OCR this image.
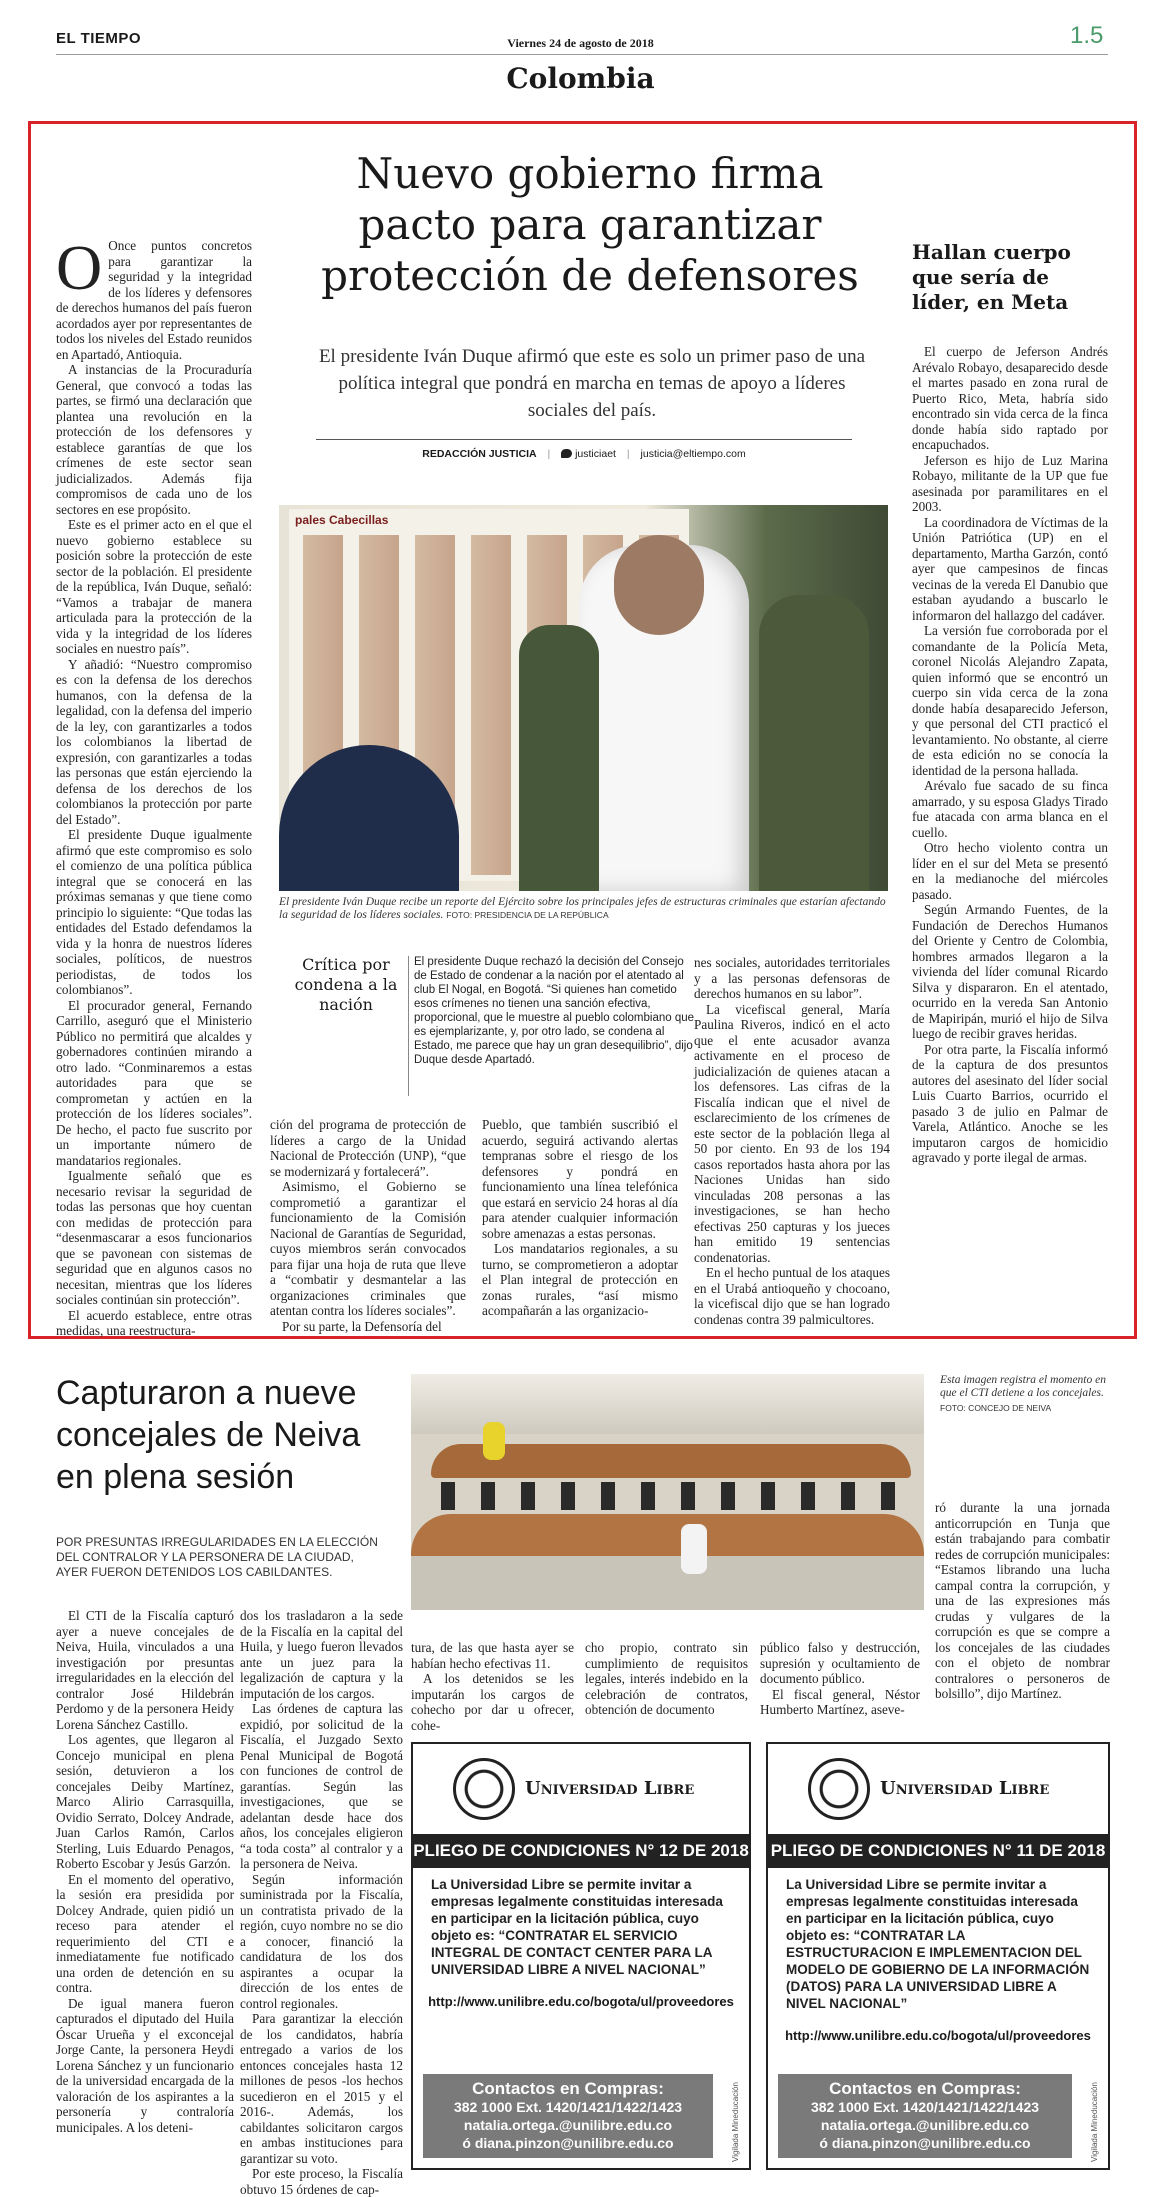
EL TIEMPO	Viernes 24 de agosto de 2018	1.5
Colombia
Nuevo gobierno firma
pacto para garantizar
protección de defensores
El presidente Iván Duque afirmó que este es solo un primer paso de una política integral que pondrá en marcha en temas de apoyo a líderes sociales del país.
REDACCIÓN JUSTICIA | justiciaet | justicia@eltiempo.com
pales Cabecillas
El presidente Iván Duque recibe un reporte del Ejército sobre los principales jefes de estructuras criminales que estarían afectando la seguridad de los líderes sociales. FOTO: PRESIDENCIA DE LA REPÚBLICA

O Once puntos concretos para garantizar la seguridad y la integridad de los líderes y defensores de derechos humanos del país fueron acordados ayer por representantes de todos los niveles del Estado reunidos en Apartadó, Antioquia.

A instancias de la Procuraduría General, que convocó a todas las partes, se firmó una declaración que plantea una revolución en la protección de los defensores y establece garantías de que los crímenes de este sector sean judicializados. Además fija compromisos de cada uno de los sectores en ese propósito.

Este es el primer acto en el que el nuevo gobierno establece su posición sobre la protección de este sector de la población. El presidente de la república, Iván Duque, señaló: “Vamos a trabajar de manera articulada para la protección de la vida y la integridad de los líderes sociales en nuestro país”.

Y añadió: “Nuestro compromiso es con la defensa de los derechos humanos, con la defensa de la legalidad, con la defensa del imperio de la ley, con garantizarles a todos los colombianos la libertad de expresión, con garantizarles a todas las personas que están ejerciendo la defensa de los derechos de los colombianos la protección por parte del Estado”.

El presidente Duque igualmente afirmó que este compromiso es solo el comienzo de una política pública integral que se conocerá en las próximas semanas y que tiene como principio lo siguiente: “Que todas las entidades del Estado defendamos la vida y la honra de nuestros líderes sociales, políticos, de nuestros periodistas, de todos los colombianos”.

El procurador general, Fernando Carrillo, aseguró que el Ministerio Público no permitirá que alcaldes y gobernadores continúen mirando a otro lado. “Conminaremos a estas autoridades para que se comprometan y actúen en la protección de los líderes sociales”. De hecho, el pacto fue suscrito por un importante número de mandatarios regionales.

Igualmente señaló que es necesario revisar la seguridad de todas las personas que hoy cuentan con medidas de protección para “desenmascarar a esos funcionarios que se pavonean con sistemas de seguridad que en algunos casos no necesitan, mientras que los líderes sociales continúan sin protección”.

El acuerdo establece, entre otras medidas, una reestructura-

Crítica por condena a la nación
El presidente Duque rechazó la decisión del Consejo de Estado de condenar a la nación por el atentado al club El Nogal, en Bogotá. “Si quienes han cometido esos crímenes no tienen una sanción efectiva, proporcional, que le muestre al pueblo colombiano que es ejemplarizante, y, por otro lado, se condena al Estado, me parece que hay un gran desequilibrio”, dijo Duque desde Apartadó.

ción del programa de protección de líderes a cargo de la Unidad Nacional de Protección (UNP), “que se modernizará y fortalecerá”.

Asimismo, el Gobierno se comprometió a garantizar el funcionamiento de la Comisión Nacional de Garantías de Seguridad, cuyos miembros serán convocados para fijar una hoja de ruta que lleve a “combatir y desmantelar a las organizaciones criminales que atentan contra los líderes sociales”.

Por su parte, la Defensoría del

Pueblo, que también suscribió el acuerdo, seguirá activando alertas tempranas sobre el riesgo de los defensores y pondrá en funcionamiento una línea telefónica que estará en servicio 24 horas al día para atender cualquier información sobre amenazas a estas personas.

Los mandatarios regionales, a su turno, se comprometieron a adoptar el Plan integral de protección en zonas rurales, “así mismo acompañarán a las organizacio-

nes sociales, autoridades territoriales y a las personas defensoras de derechos humanos en su labor”.

La vicefiscal general, María Paulina Riveros, indicó en el acto que el ente acusador avanza activamente en el proceso de judicialización de quienes atacan a los defensores. Las cifras de la Fiscalía indican que el nivel de esclarecimiento de los crímenes de este sector de la población llega al 50 por ciento. En 93 de los 194 casos reportados hasta ahora por las Naciones Unidas han sido vinculadas 208 personas a las investigaciones, se han hecho efectivas 250 capturas y los jueces han emitido 19 sentencias condenatorias.

En el hecho puntual de los ataques en el Urabá antioqueño y chocoano, la vicefiscal dijo que se han logrado condenas contra 39 palmicultores.

Hallan cuerpo
que sería de
líder, en Meta

El cuerpo de Jeferson Andrés Arévalo Robayo, desaparecido desde el martes pasado en zona rural de Puerto Rico, Meta, habría sido encontrado sin vida cerca de la finca donde había sido raptado por encapuchados.

Jeferson es hijo de Luz Marina Robayo, militante de la UP que fue asesinada por paramilitares en el 2003.

La coordinadora de Víctimas de la Unión Patriótica (UP) en el departamento, Martha Garzón, contó ayer que campesinos de fincas vecinas de la vereda El Danubio que estaban ayudando a buscarlo le informaron del hallazgo del cadáver.

La versión fue corroborada por el comandante de la Policía Meta, coronel Nicolás Alejandro Zapata, quien informó que se encontró un cuerpo sin vida cerca de la zona donde había desaparecido Jeferson, y que personal del CTI practicó el levantamiento. No obstante, al cierre de esta edición no se conocía la identidad de la persona hallada.

Arévalo fue sacado de su finca amarrado, y su esposa Gladys Tirado fue atacada con arma blanca en el cuello.

Otro hecho violento contra un líder en el sur del Meta se presentó en la medianoche del miércoles pasado.

Según Armando Fuentes, de la Fundación de Derechos Humanos del Oriente y Centro de Colombia, hombres armados llegaron a la vivienda del líder comunal Ricardo Silva y dispararon. En el atentado, ocurrido en la vereda San Antonio de Mapiripán, murió el hijo de Silva luego de recibir graves heridas.

Por otra parte, la Fiscalía informó de la captura de dos presuntos autores del asesinato del líder social Luis Cuarto Barrios, ocurrido el pasado 3 de julio en Palmar de Varela, Atlántico. Anoche se les imputaron cargos de homicidio agravado y porte ilegal de armas.

Capturaron a nueve
concejales de Neiva
en plena sesión
POR PRESUNTAS IRREGULARIDADES EN LA ELECCIÓN DEL CONTRALOR Y LA PERSONERA DE LA CIUDAD, AYER FUERON DETENIDOS LOS CABILDANTES.
Esta imagen registra el momento en que el CTI detiene a los concejales.
FOTO: CONCEJO DE NEIVA

El CTI de la Fiscalía capturó ayer a nueve concejales de Neiva, Huila, vinculados a una investigación por presuntas irregularidades en la elección del contralor José Hildebrán Perdomo y de la personera Heidy Lorena Sánchez Castillo.

Los agentes, que llegaron al Concejo municipal en plena sesión, detuvieron a los concejales Deiby Martínez, Marco Alirio Carrasquilla, Ovidio Serrato, Dolcey Andrade, Juan Carlos Ramón, Carlos Sterling, Luis Eduardo Penagos, Roberto Escobar y Jesús Garzón.

En el momento del operativo, la sesión era presidida por Dolcey Andrade, quien pidió un receso para atender el requerimiento del CTI e inmediatamente fue notificado una orden de detención en su contra.

De igual manera fueron capturados el diputado del Huila Óscar Urueña y el exconcejal Jorge Cante, la personera Heydi Lorena Sánchez y un funcionario de la universidad encargada de la valoración de los aspirantes a la personería y contraloría municipales. A los deteni-

dos los trasladaron a la sede de la Fiscalía en la capital del Huila, y luego fueron llevados ante un juez para la legalización de captura y la imputación de los cargos.

Las órdenes de captura las expidió, por solicitud de la Fiscalía, el Juzgado Sexto Penal Municipal de Bogotá con funciones de control de garantías. Según las investigaciones, que se adelantan desde hace dos años, los concejales eligieron “a toda costa” al contralor y a la personera de Neiva.

Según información suministrada por la Fiscalía, un contratista privado de la región, cuyo nombre no se dio a conocer, financió la candidatura de los dos aspirantes a ocupar la dirección de los entes de control regionales.

Para garantizar la elección de los candidatos, habría entregado a varios de los entonces concejales hasta 12 millones de pesos -los hechos sucedieron en el 2015 y el 2016-. Además, los cabildantes solicitaron cargos en ambas instituciones para garantizar su voto.

Por este proceso, la Fiscalía obtuvo 15 órdenes de cap-

tura, de las que hasta ayer se habían hecho efectivas 11.

A los detenidos se les imputarán los cargos de cohecho por dar u ofrecer, cohe-

cho propio, contrato sin cumplimiento de requisitos legales, interés indebido en la celebración de contratos, obtención de documento

público falso y destrucción, supresión y ocultamiento de documento público.

El fiscal general, Néstor Humberto Martínez, aseve-

ró durante la una jornada anticorrupción en Tunja que están trabajando para combatir redes de corrupción municipales: “Estamos librando una lucha campal contra la corrupción, y una de las expresiones más crudas y vulgares de la corrupción es que se compre a los concejales de las ciudades con el objeto de nombrar contralores o personeros de bolsillo”, dijo Martínez.

Universidad Libre
PLIEGO DE CONDICIONES N° 12 DE 2018
La Universidad Libre se permite invitar a empresas legalmente constituidas interesada en participar en la licitación pública, cuyo objeto es: “CONTRATAR EL SERVICIO INTEGRAL DE CONTACT CENTER PARA LA UNIVERSIDAD LIBRE A NIVEL NACIONAL”
http://www.unilibre.edu.co/bogota/ul/proveedores
Contactos en Compras:
382 1000 Ext. 1420/1421/1422/1423
natalia.ortega.@unilibre.edu.co
ó diana.pinzon@unilibre.edu.co	Vigilada Mineducación
Universidad Libre
PLIEGO DE CONDICIONES N° 11 DE 2018
La Universidad Libre se permite invitar a empresas legalmente constituidas interesada en participar en la licitación pública, cuyo objeto es: “CONTRATAR LA ESTRUCTURACION E IMPLEMENTACION DEL MODELO DE GOBIERNO DE LA INFORMACIÓN (DATOS) PARA LA UNIVERSIDAD LIBRE A NIVEL NACIONAL”
http://www.unilibre.edu.co/bogota/ul/proveedores
Contactos en Compras:
382 1000 Ext. 1420/1421/1422/1423
natalia.ortega.@unilibre.edu.co
ó diana.pinzon@unilibre.edu.co	Vigilada Mineducación
